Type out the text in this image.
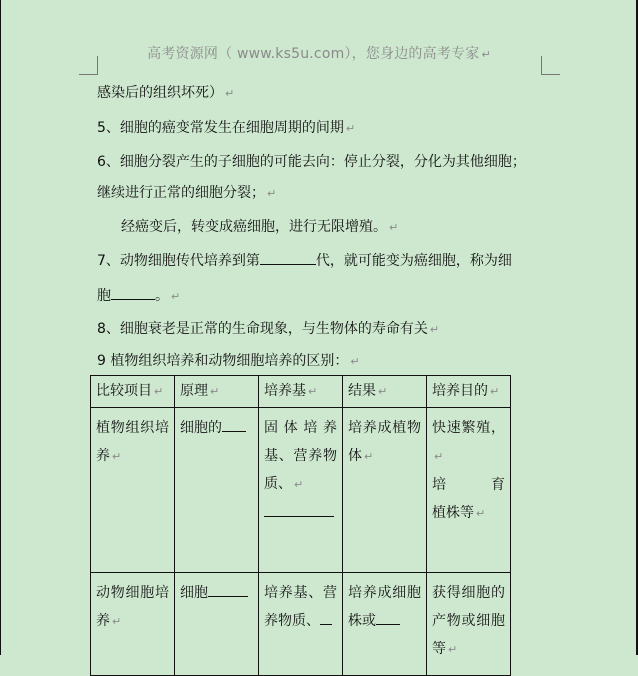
高考资源网（ www.ks5u.com），您身边的高考专家 ↵
感染后的组织坏死） ↵
5、细胞的癌变常发生在细胞周期的间期 ↵
6、细胞分裂产生的子细胞的可能去向：停止分裂，分化为其他细胞；
继续进行正常的细胞分裂； ↵
经癌变后，转变成癌细胞，进行无限增殖。 ↵
7、动物细胞传代培养到第	代，就可能变为癌细胞，称为细
胞	。 ↵
8、细胞衰老是正常的生命现象，与生物体的寿命有关 ↵
9 植物组织培养和动物细胞培养的区别： ↵
比较项目 ↵	原理 ↵	培养基 ↵	结果 ↵	培养目的 ↵
植物组织培养 ↵	细胞的	固体培养基、营养物质、 ↵	培养成植物体 ↵	快速繁殖，↵
培 育
植株等 ↵
动物细胞培养 ↵	细胞	培养基、营养物质、	培养成细胞株或	获得细胞的产物或细胞等 ↵
